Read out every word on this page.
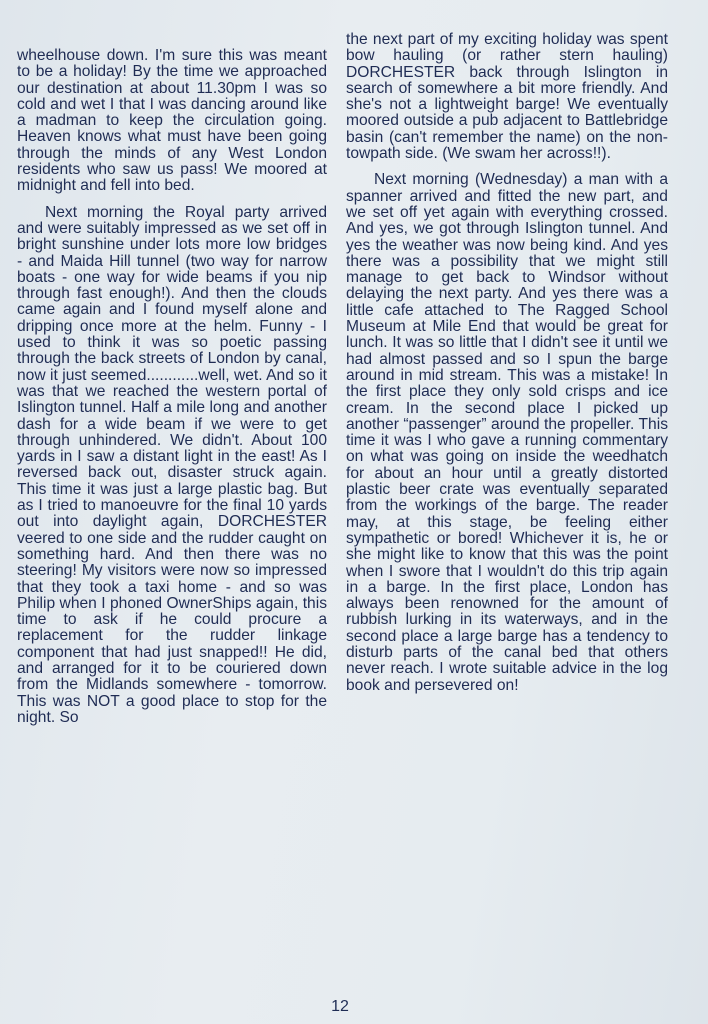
wheelhouse down. I'm sure this was meant to be a holiday! By the time we approached our destination at about 11.30pm I was so cold and wet I that I was dancing around like a madman to keep the circulation going. Heaven knows what must have been going through the minds of any West London residents who saw us pass! We moored at midnight and fell into bed.

Next morning the Royal party arrived and were suitably impressed as we set off in bright sunshine under lots more low bridges - and Maida Hill tunnel (two way for narrow boats - one way for wide beams if you nip through fast enough!). And then the clouds came again and I found myself alone and dripping once more at the helm. Funny - I used to think it was so poetic passing through the back streets of London by canal, now it just seemed............well, wet. And so it was that we reached the western portal of Islington tunnel. Half a mile long and another dash for a wide beam if we were to get through unhindered. We didn't. About 100 yards in I saw a distant light in the east! As I reversed back out, disaster struck again. This time it was just a large plastic bag. But as I tried to manoeuvre for the final 10 yards out into daylight again, DORCHESTER veered to one side and the rudder caught on something hard. And then there was no steering! My visitors were now so impressed that they took a taxi home - and so was Philip when I phoned OwnerShips again, this time to ask if he could procure a replacement for the rudder linkage component that had just snapped!! He did, and arranged for it to be couriered down from the Midlands somewhere - tomorrow. This was NOT a good place to stop for the night. So

the next part of my exciting holiday was spent bow hauling (or rather stern hauling) DORCHESTER back through Islington in search of somewhere a bit more friendly. And she's not a lightweight barge! We eventually moored outside a pub adjacent to Battlebridge basin (can't remember the name) on the non-towpath side. (We swam her across!!).

Next morning (Wednesday) a man with a spanner arrived and fitted the new part, and we set off yet again with everything crossed. And yes, we got through Islington tunnel. And yes the weather was now being kind. And yes there was a possibility that we might still manage to get back to Windsor without delaying the next party. And yes there was a little cafe attached to The Ragged School Museum at Mile End that would be great for lunch. It was so little that I didn't see it until we had almost passed and so I spun the barge around in mid stream. This was a mistake! In the first place they only sold crisps and ice cream. In the second place I picked up another “passenger” around the propeller. This time it was I who gave a running commentary on what was going on inside the weedhatch for about an hour until a greatly distorted plastic beer crate was eventually separated from the workings of the barge. The reader may, at this stage, be feeling either sympathetic or bored! Whichever it is, he or she might like to know that this was the point when I swore that I wouldn't do this trip again in a barge. In the first place, London has always been renowned for the amount of rubbish lurking in its waterways, and in the second place a large barge has a tendency to disturb parts of the canal bed that others never reach. I wrote suitable advice in the log book and persevered on!

12
